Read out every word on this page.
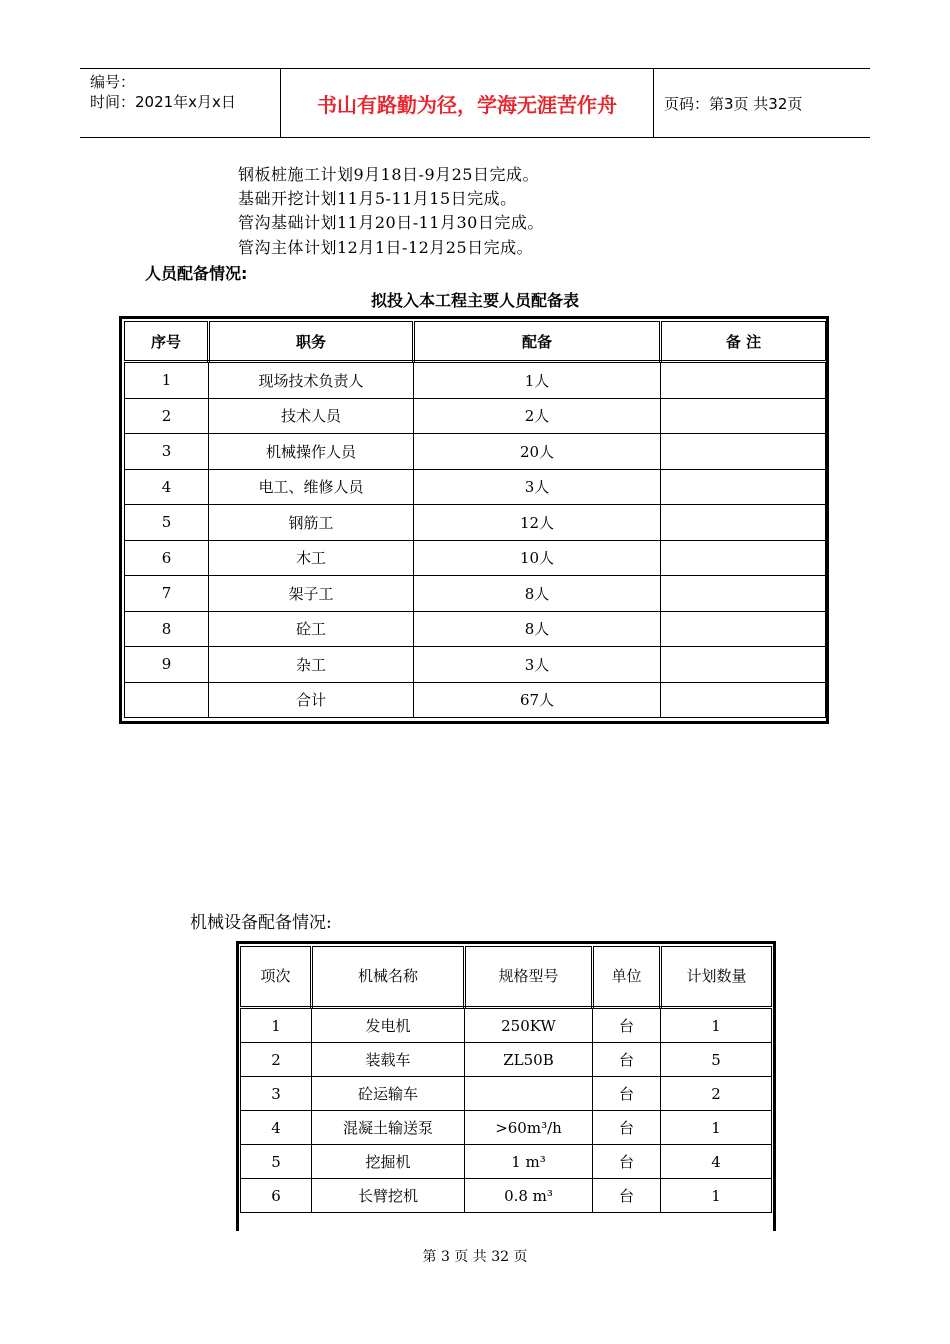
编号：
时间：2021年x月x日	书山有路勤为径，学海无涯苦作舟	页码：第3页 共32页
钢板桩施工计划9月18日-9月25日完成。
基础开挖计划11月5-11月15日完成。
管沟基础计划11月20日-11月30日完成。
管沟主体计划12月1日-12月25日完成。
人员配备情况:
拟投入本工程主要人员配备表
序号	职务	配备	备 注
1	现场技术负责人	1人	
2	技术人员	2人	
3	机械操作人员	20人	
4	电工、维修人员	3人	
5	钢筋工	12人	
6	木工	10人	
7	架子工	8人	
8	砼工	8人	
9	杂工	3人	
	合计	67人	
机械设备配备情况:
项次	机械名称	规格型号	单位	计划数量
1	发电机	250KW	台	1
2	装载车	ZL50B	台	5
3	砼运输车		台	2
4	混凝土输送泵	>60m³/h	台	1
5	挖掘机	1 m³	台	4
6	长臂挖机	0.8 m³	台	1
第 3 页 共 32 页
